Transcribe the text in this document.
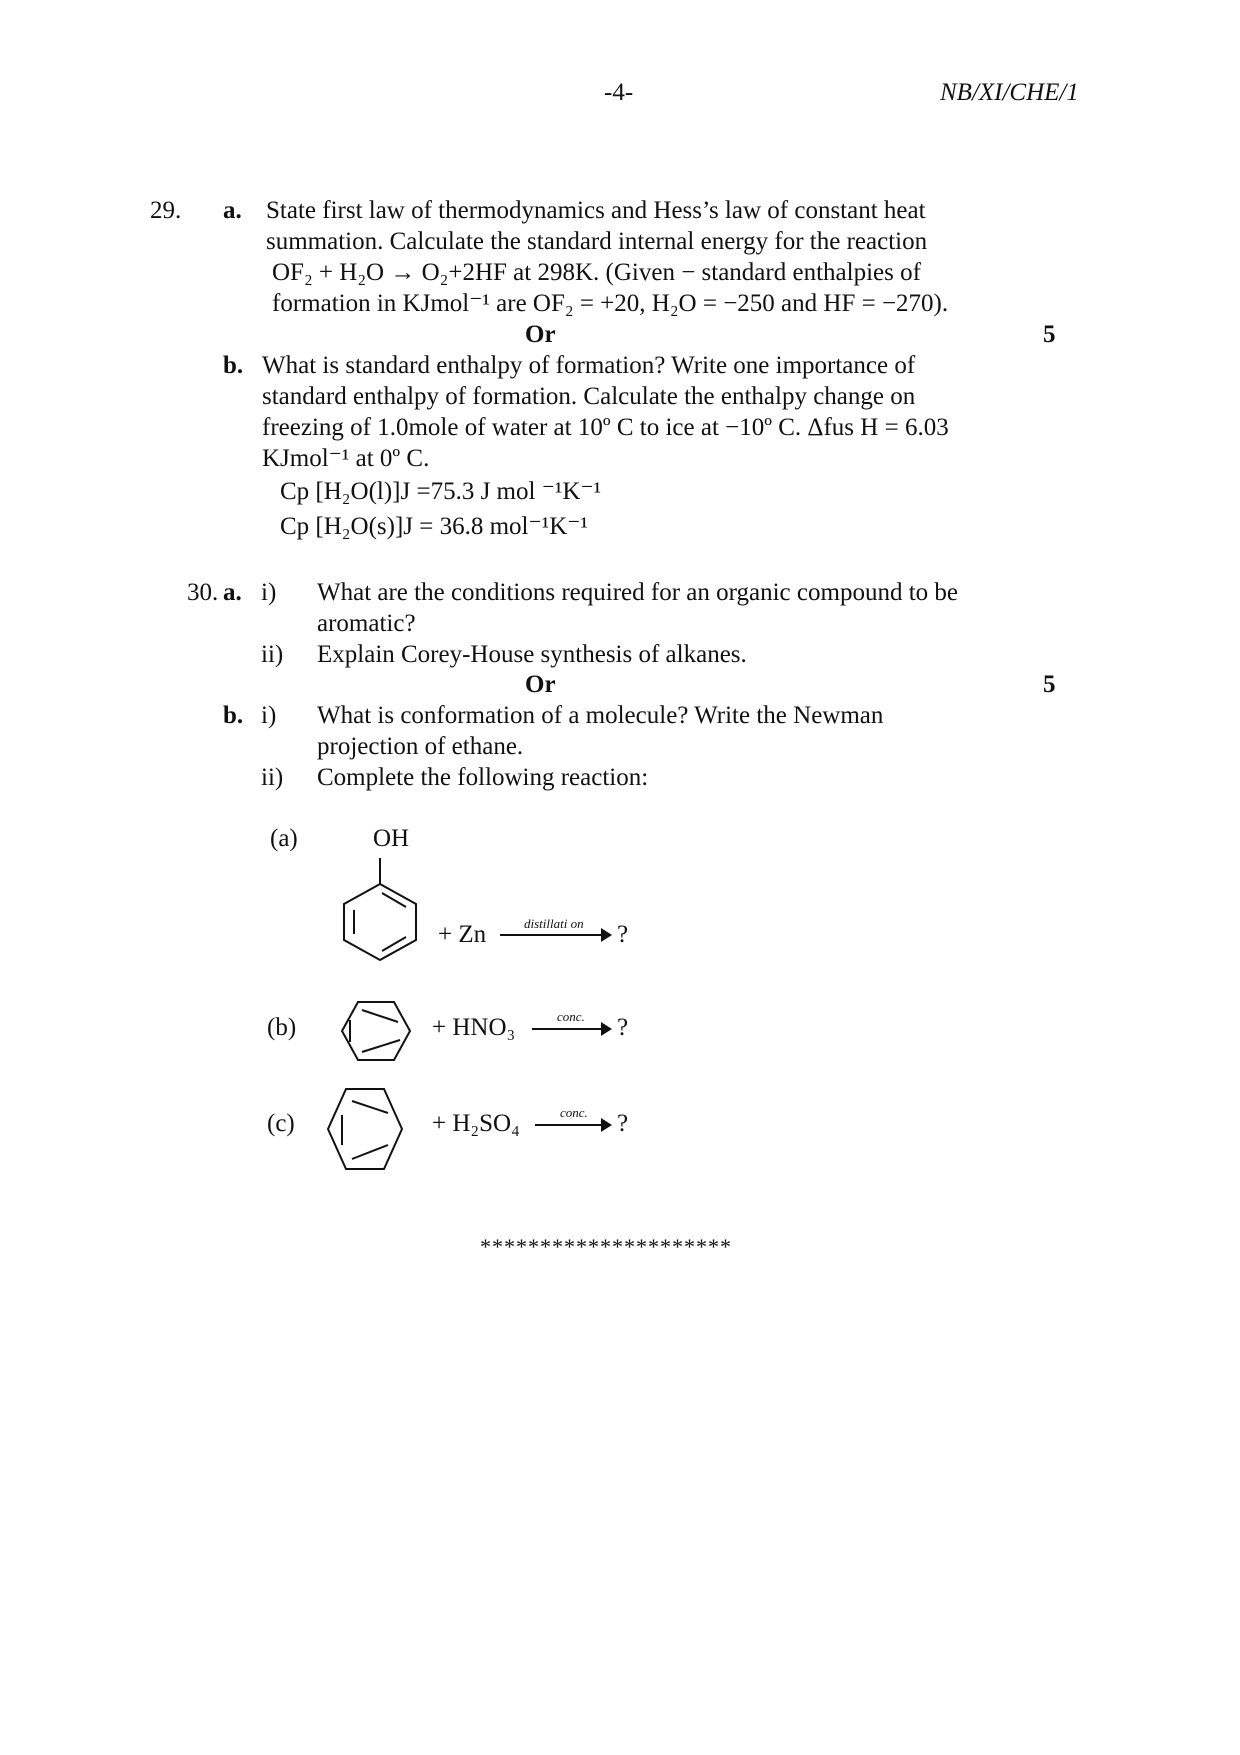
-4-	NB/XI/CHE/1
29. a. State first law of thermodynamics and Hess’s law of constant heat
summation. Calculate the standard internal energy for the reaction
OF₂ + H₂O → O₂+2HF at 298K. (Given − standard enthalpies of
formation in KJmol⁻¹ are OF₂ = +20, H₂O = −250 and HF = −270).
Or	5
b. What is standard enthalpy of formation? Write one importance of
standard enthalpy of formation. Calculate the enthalpy change on
freezing of 1.0mole of water at 10º C to ice at −10º C. Δfus H = 6.03
KJmol⁻¹ at 0º C.
Cp [H₂O(l)]J =75.3 J mol ⁻¹K⁻¹
Cp [H₂O(s)]J = 36.8 mol⁻¹K⁻¹
30. a. i) What are the conditions required for an organic compound to be
aromatic?
ii) Explain Corey-House synthesis of alkanes.
Or	5
b. i) What is conformation of a molecule? Write the Newman
projection of ethane.
ii) Complete the following reaction:
(a)	OH
+ Zn	distillati on ?
(b)	+ HNO₃	conc. ?
(c)	+ H₂SO₄	conc. ?
*********************
